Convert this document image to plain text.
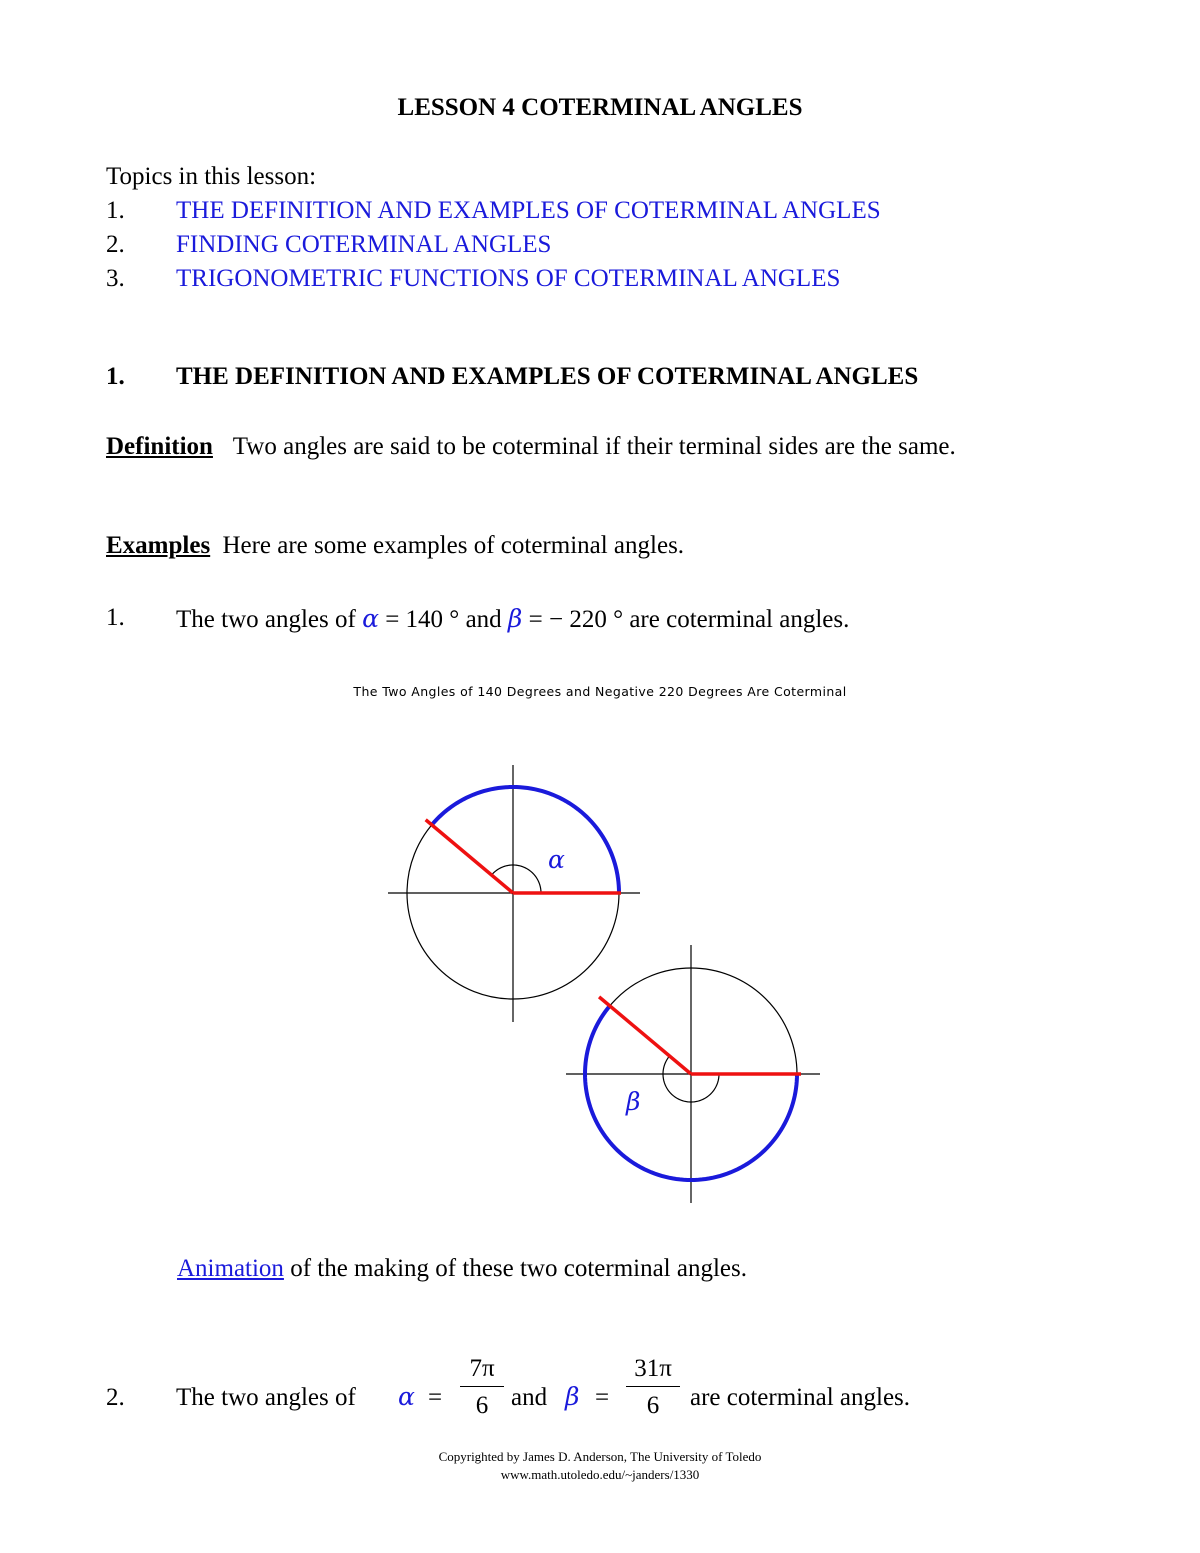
LESSON 4 COTERMINAL ANGLES
Topics in this lesson:
1. THE DEFINITION AND EXAMPLES OF COTERMINAL ANGLES
2. FINDING COTERMINAL ANGLES
3. TRIGONOMETRIC FUNCTIONS OF COTERMINAL ANGLES
1. THE DEFINITION AND EXAMPLES OF COTERMINAL ANGLES
Definition Two angles are said to be coterminal if their terminal sides are the same.
Examples Here are some examples of coterminal angles.
1. The two angles of α = 140 ° and β = − 220 ° are coterminal angles.
The Two Angles of 140 Degrees and Negative 220 Degrees Are Coterminal
α
β
Animation of the making of these two coterminal angles.
2. The two angles of α =
7π
6 and β =
31π
6	are coterminal angles.
Copyrighted by James D. Anderson, The University of Toledo
www.math.utoledo.edu/~janders/1330
